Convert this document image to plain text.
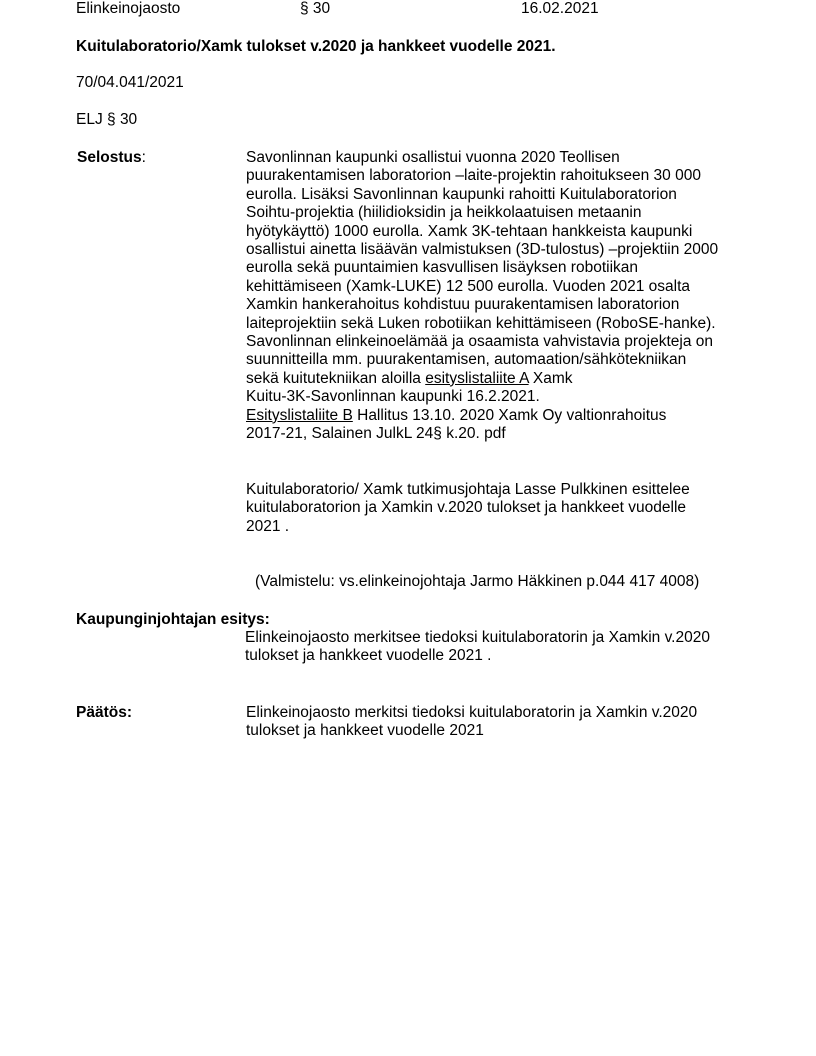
Elinkeinojaosto	§ 30	16.02.2021
Kuitulaboratorio/Xamk tulokset v.2020 ja hankkeet vuodelle 2021.
70/04.041/2021
ELJ § 30
Selostus:	Savonlinnan kaupunki osallistui vuonna 2020 Teollisen
puurakentamisen laboratorion –laite-projektin rahoitukseen 30 000
eurolla. Lisäksi Savonlinnan kaupunki rahoitti Kuitulaboratorion
Soihtu-projektia (hiilidioksidin ja heikkolaatuisen metaanin
hyötykäyttö) 1000 eurolla. Xamk 3K-tehtaan hankkeista kaupunki
osallistui ainetta lisäävän valmistuksen (3D-tulostus) –projektiin 2000
eurolla sekä puuntaimien kasvullisen lisäyksen robotiikan
kehittämiseen (Xamk-LUKE) 12 500 eurolla. Vuoden 2021 osalta
Xamkin hankerahoitus kohdistuu puurakentamisen laboratorion
laiteprojektiin sekä Luken robotiikan kehittämiseen (RoboSE-hanke).
Savonlinnan elinkeinoelämää ja osaamista vahvistavia projekteja on
suunnitteilla mm. puurakentamisen, automaation/sähkötekniikan
sekä kuitutekniikan aloilla esityslistaliite A Xamk
Kuitu-3K-Savonlinnan kaupunki 16.2.2021.
Esityslistaliite B Hallitus 13.10. 2020 Xamk Oy valtionrahoitus
2017-21, Salainen JulkL 24§ k.20. pdf
Kuitulaboratorio/ Xamk tutkimusjohtaja Lasse Pulkkinen esittelee
kuitulaboratorion ja Xamkin v.2020 tulokset ja hankkeet vuodelle
2021 .
(Valmistelu: vs.elinkeinojohtaja Jarmo Häkkinen p.044 417 4008)
Kaupunginjohtajan esitys:
Elinkeinojaosto merkitsee tiedoksi kuitulaboratorin ja Xamkin v.2020
tulokset ja hankkeet vuodelle 2021 .
Päätös:	Elinkeinojaosto merkitsi tiedoksi kuitulaboratorin ja Xamkin v.2020
tulokset ja hankkeet vuodelle 2021
